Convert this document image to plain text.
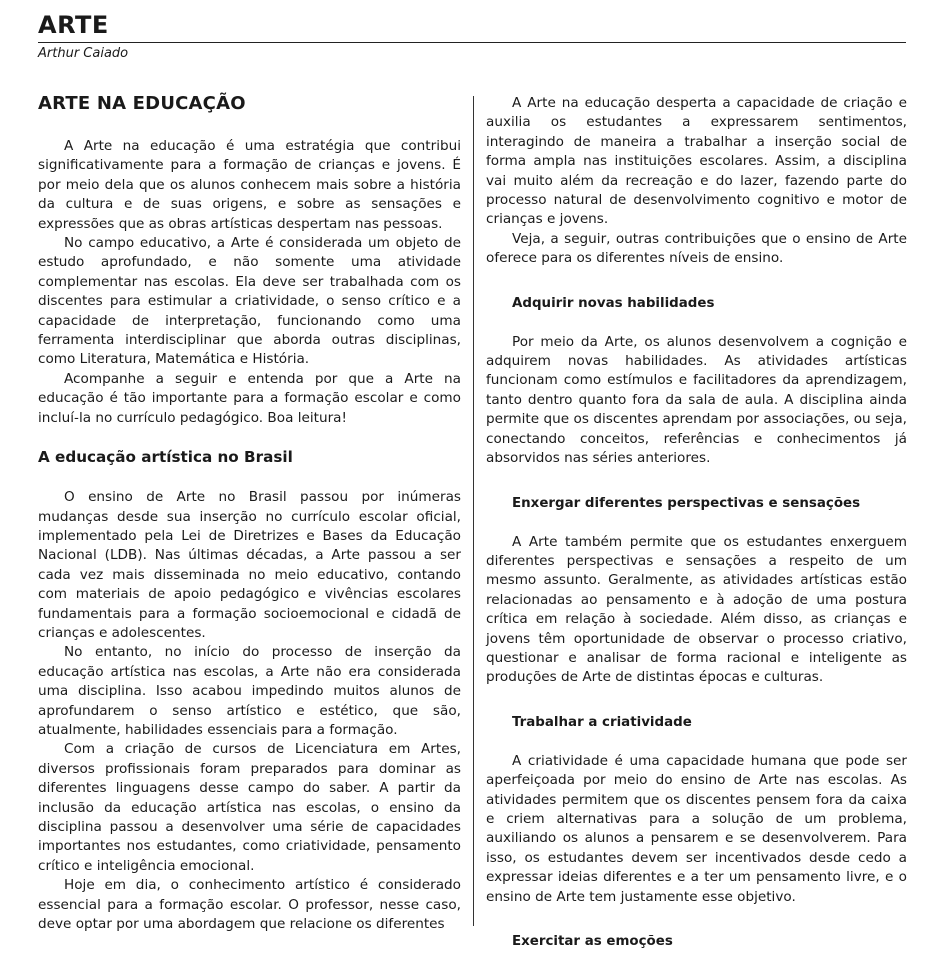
ARTE
Arthur Caiado
ARTE NA EDUCAÇÃO

A Arte na educação é uma estratégia que contribui significativamente para a formação de crianças e jovens. É por meio dela que os alunos conhecem mais sobre a história da cultura e de suas origens, e sobre as sensações e expressões que as obras artísticas despertam nas pessoas.

No campo educativo, a Arte é considerada um objeto de estudo aprofundado, e não somente uma atividade complementar nas escolas. Ela deve ser trabalhada com os discentes para estimular a criatividade, o senso crítico e a capacidade de interpretação, funcionando como uma ferramenta interdisciplinar que aborda outras disciplinas, como Literatura, Matemática e História.

Acompanhe a seguir e entenda por que a Arte na educação é tão importante para a formação escolar e como incluí-la no currículo pedagógico. Boa leitura!

A educação artística no Brasil

O ensino de Arte no Brasil passou por inúmeras mudanças desde sua inserção no currículo escolar oficial, implementado pela Lei de Diretrizes e Bases da Educação Nacional (LDB). Nas últimas décadas, a Arte passou a ser cada vez mais disseminada no meio educativo, contando com materiais de apoio pedagógico e vivências escolares fundamentais para a formação socioemocional e cidadã de crianças e adolescentes.

No entanto, no início do processo de inserção da educação artística nas escolas, a Arte não era considerada uma disciplina. Isso acabou impedindo muitos alunos de aprofundarem o senso artístico e estético, que são, atualmente, habilidades essenciais para a formação.

Com a criação de cursos de Licenciatura em Artes, diversos profissionais foram preparados para dominar as diferentes linguagens desse campo do saber. A partir da inclusão da educação artística nas escolas, o ensino da disciplina passou a desenvolver uma série de capacidades importantes nos estudantes, como criatividade, pensamento crítico e inteligência emocional.

Hoje em dia, o conhecimento artístico é considerado essencial para a formação escolar. O professor, nesse caso, deve optar por uma abordagem que relacione os diferentes

A Arte na educação desperta a capacidade de criação e auxilia os estudantes a expressarem sentimentos, interagindo de maneira a trabalhar a inserção social de forma ampla nas instituições escolares. Assim, a disciplina vai muito além da recreação e do lazer, fazendo parte do processo natural de desenvolvimento cognitivo e motor de crianças e jovens.

Veja, a seguir, outras contribuições que o ensino de Arte oferece para os diferentes níveis de ensino.

Adquirir novas habilidades

Por meio da Arte, os alunos desenvolvem a cognição e adquirem novas habilidades. As atividades artísticas funcionam como estímulos e facilitadores da aprendizagem, tanto dentro quanto fora da sala de aula. A disciplina ainda permite que os discentes aprendam por associações, ou seja, conectando conceitos, referências e conhecimentos já absorvidos nas séries anteriores.

Enxergar diferentes perspectivas e sensações

A Arte também permite que os estudantes enxerguem diferentes perspectivas e sensações a respeito de um mesmo assunto. Geralmente, as atividades artísticas estão relacionadas ao pensamento e à adoção de uma postura crítica em relação à sociedade. Além disso, as crianças e jovens têm oportunidade de observar o processo criativo, questionar e analisar de forma racional e inteligente as produções de Arte de distintas épocas e culturas.

Trabalhar a criatividade

A criatividade é uma capacidade humana que pode ser aperfeiçoada por meio do ensino de Arte nas escolas. As atividades permitem que os discentes pensem fora da caixa e criem alternativas para a solução de um problema, auxiliando os alunos a pensarem e se desenvolverem. Para isso, os estudantes devem ser incentivados desde cedo a expressar ideias diferentes e a ter um pensamento livre, e o ensino de Arte tem justamente esse objetivo.

Exercitar as emoções
